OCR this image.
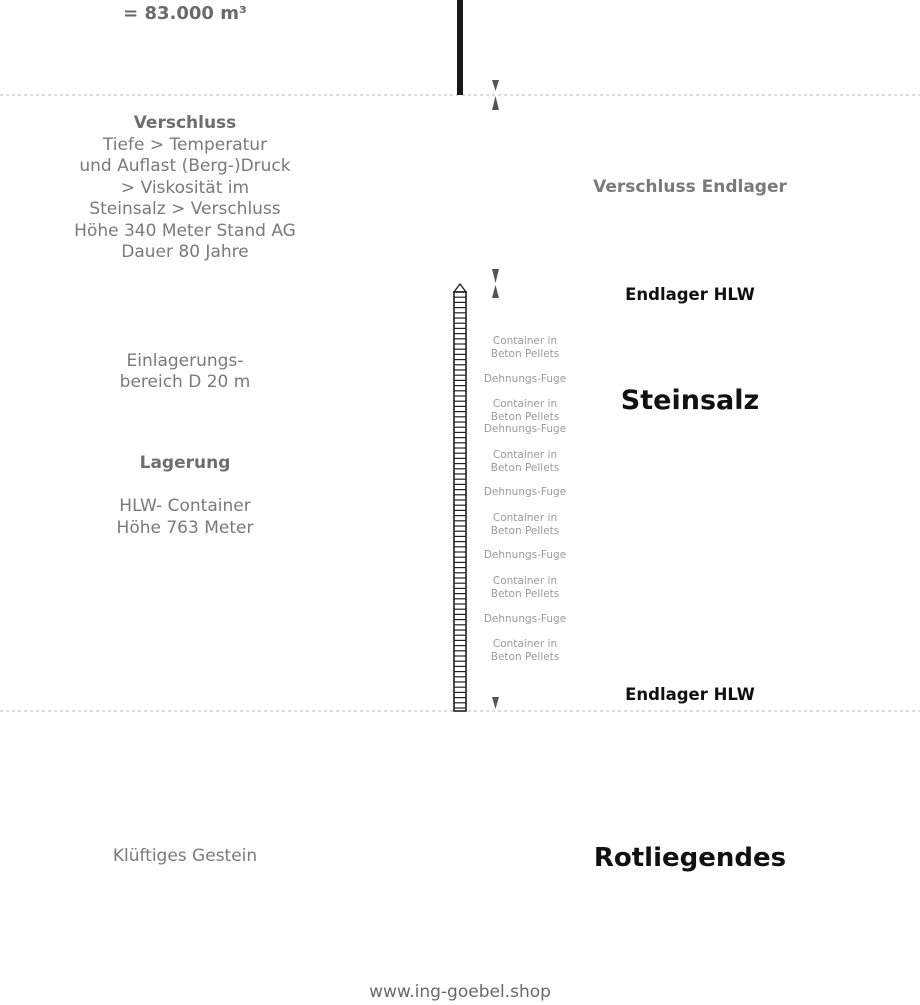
= 83.000 m³
Verschluss
Tiefe > Temperatur
und Auflast (Berg-)Druck
> Viskosität im
Steinsalz > Verschluss
Höhe 340 Meter Stand AG
Dauer 80 Jahre
Einlagerungs-
bereich D 20 m
Lagerung
HLW- Container
Höhe 763 Meter
Klüftiges Gestein
Verschluss Endlager
Endlager HLW
Steinsalz
Endlager HLW
Rotliegendes
Container in
Beton Pellets
Dehnungs-Fuge
Container in
Beton Pellets
Dehnungs-Fuge
Container in
Beton Pellets
Dehnungs-Fuge
Container in
Beton Pellets
Dehnungs-Fuge
Container in
Beton Pellets
Dehnungs-Fuge
Container in
Beton Pellets
www.ing-goebel.shop
